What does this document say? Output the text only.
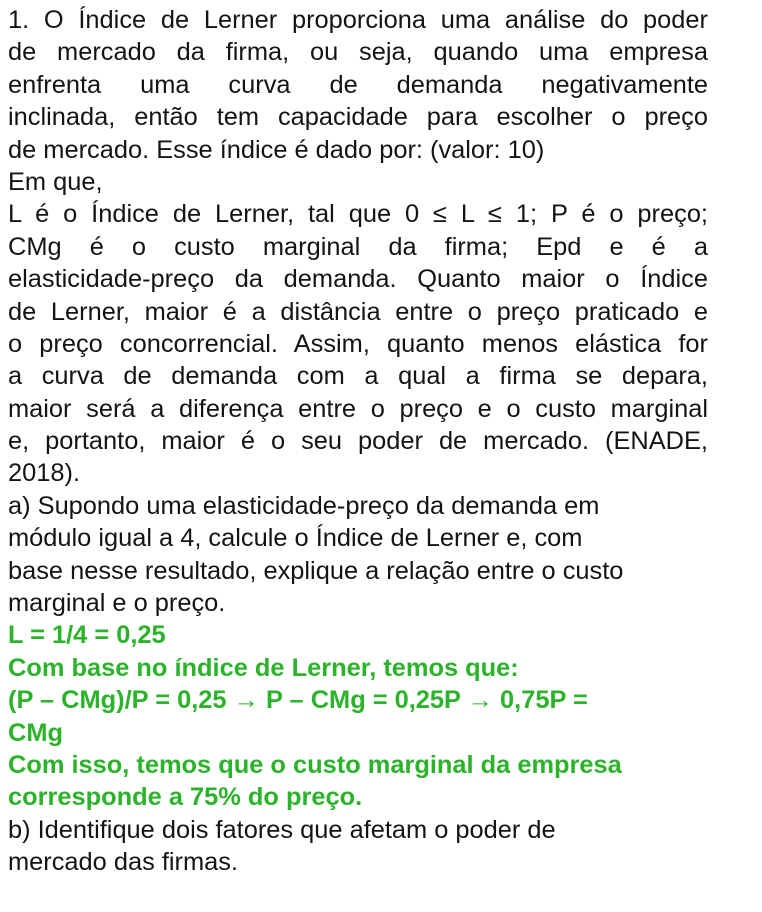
1. O Índice de Lerner proporciona uma análise do poder
de mercado da firma, ou seja, quando uma empresa
enfrenta uma curva de demanda negativamente
inclinada, então tem capacidade para escolher o preço
de mercado. Esse índice é dado por: (valor: 10)
Em que,
L é o Índice de Lerner, tal que 0 ≤ L ≤ 1; P é o preço;
CMg é o custo marginal da firma; Epd e é a
elasticidade-preço da demanda. Quanto maior o Índice
de Lerner, maior é a distância entre o preço praticado e
o preço concorrencial. Assim, quanto menos elástica for
a curva de demanda com a qual a firma se depara,
maior será a diferença entre o preço e o custo marginal
e, portanto, maior é o seu poder de mercado. (ENADE,
2018).
a) Supondo uma elasticidade-preço da demanda em
módulo igual a 4, calcule o Índice de Lerner e, com
base nesse resultado, explique a relação entre o custo
marginal e o preço.
L = 1/4 = 0,25
Com base no índice de Lerner, temos que:
(P – CMg)/P = 0,25 → P – CMg = 0,25P → 0,75P =
CMg
Com isso, temos que o custo marginal da empresa
corresponde a 75% do preço.
b) Identifique dois fatores que afetam o poder de
mercado das firmas.
